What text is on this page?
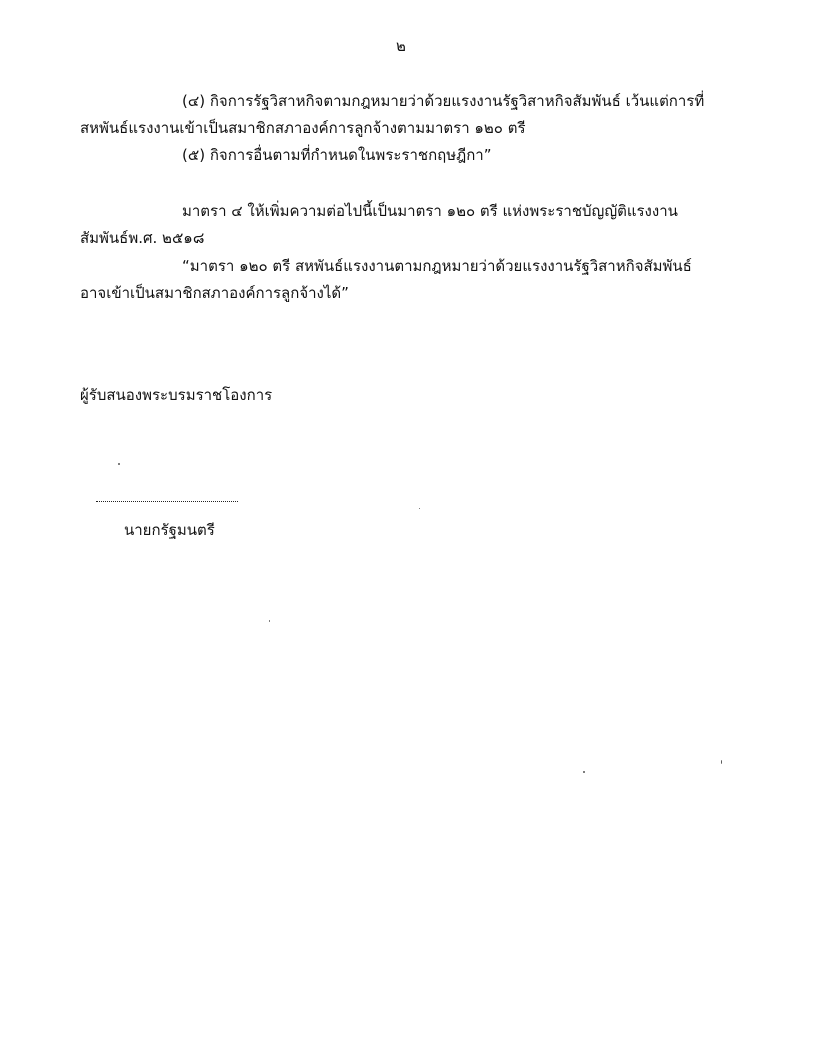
๒
(๔) กิจการรัฐวิสาหกิจตามกฎหมายว่าด้วยแรงงานรัฐวิสาหกิจสัมพันธ์ เว้นแต่การที่
สหพันธ์แรงงานเข้าเป็นสมาชิกสภาองค์การลูกจ้างตามมาตรา ๑๒๐ ตรี
(๕) กิจการอื่นตามที่กำหนดในพระราชกฤษฎีกา”
มาตรา ๔ ให้เพิ่มความต่อไปนี้เป็นมาตรา ๑๒๐ ตรี แห่งพระราชบัญญัติแรงงาน
สัมพันธ์พ.ศ. ๒๕๑๘
“มาตรา ๑๒๐ ตรี สหพันธ์แรงงานตามกฎหมายว่าด้วยแรงงานรัฐวิสาหกิจสัมพันธ์
อาจเข้าเป็นสมาชิกสภาองค์การลูกจ้างได้”
ผู้รับสนองพระบรมราชโองการ
นายกรัฐมนตรี
